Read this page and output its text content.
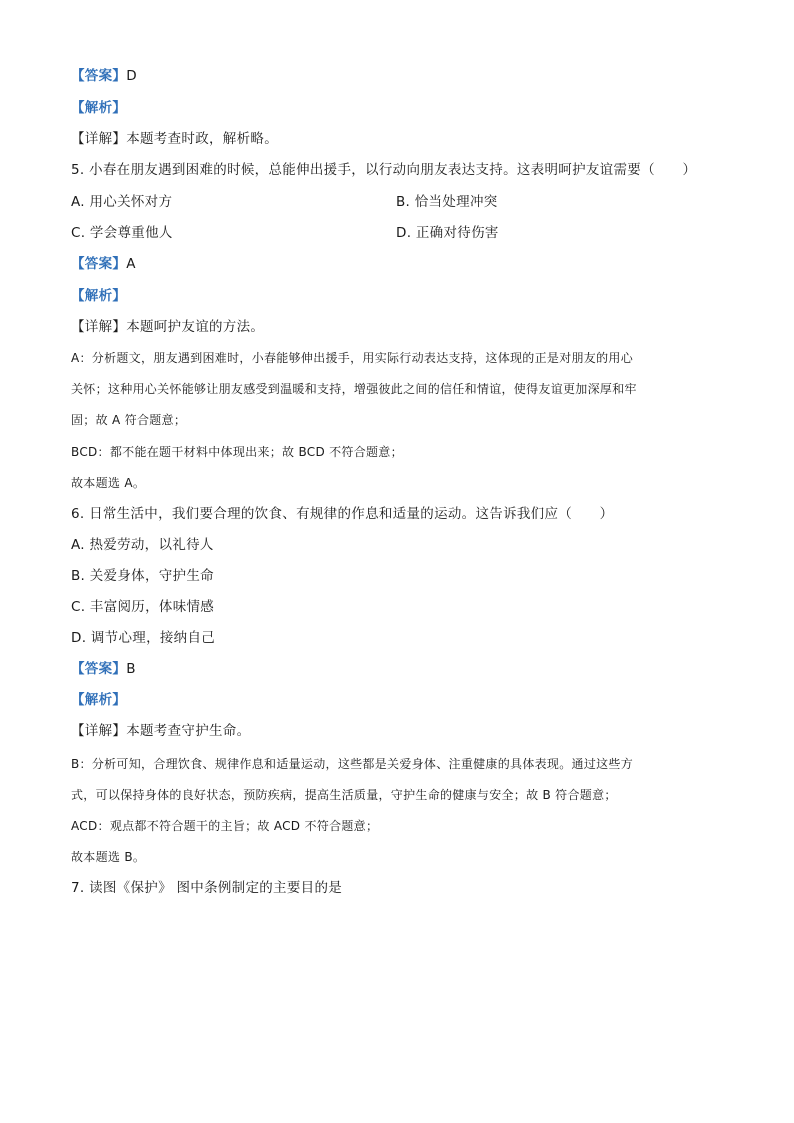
【答案】D
【解析】
【详解】本题考查时政，解析略。
5. 小春在朋友遇到困难的时候，总能伸出援手，以行动向朋友表达支持。这表明呵护友谊需要（　　）
A. 用心关怀对方	B. 恰当处理冲突
C. 学会尊重他人	D. 正确对待伤害
【答案】A
【解析】
【详解】本题呵护友谊的方法。
A：分析题文，朋友遇到困难时，小春能够伸出援手，用实际行动表达支持，这体现的正是对朋友的用心
关怀；这种用心关怀能够让朋友感受到温暖和支持，增强彼此之间的信任和情谊，使得友谊更加深厚和牢
固；故 A 符合题意；
BCD：都不能在题干材料中体现出来；故 BCD 不符合题意；
故本题选 A。
6. 日常生活中，我们要合理的饮食、有规律的作息和适量的运动。这告诉我们应（　　）
A. 热爱劳动，以礼待人
B. 关爱身体，守护生命
C. 丰富阅历，体味情感
D. 调节心理，接纳自己
【答案】B
【解析】
【详解】本题考查守护生命。
B：分析可知，合理饮食、规律作息和适量运动，这些都是关爱身体、注重健康的具体表现。通过这些方
式，可以保持身体的良好状态，预防疾病，提高生活质量，守护生命的健康与安全；故 B 符合题意；
ACD：观点都不符合题干的主旨；故 ACD 不符合题意；
故本题选 B。
7. 读图《保护》 图中条例制定的主要目的是
